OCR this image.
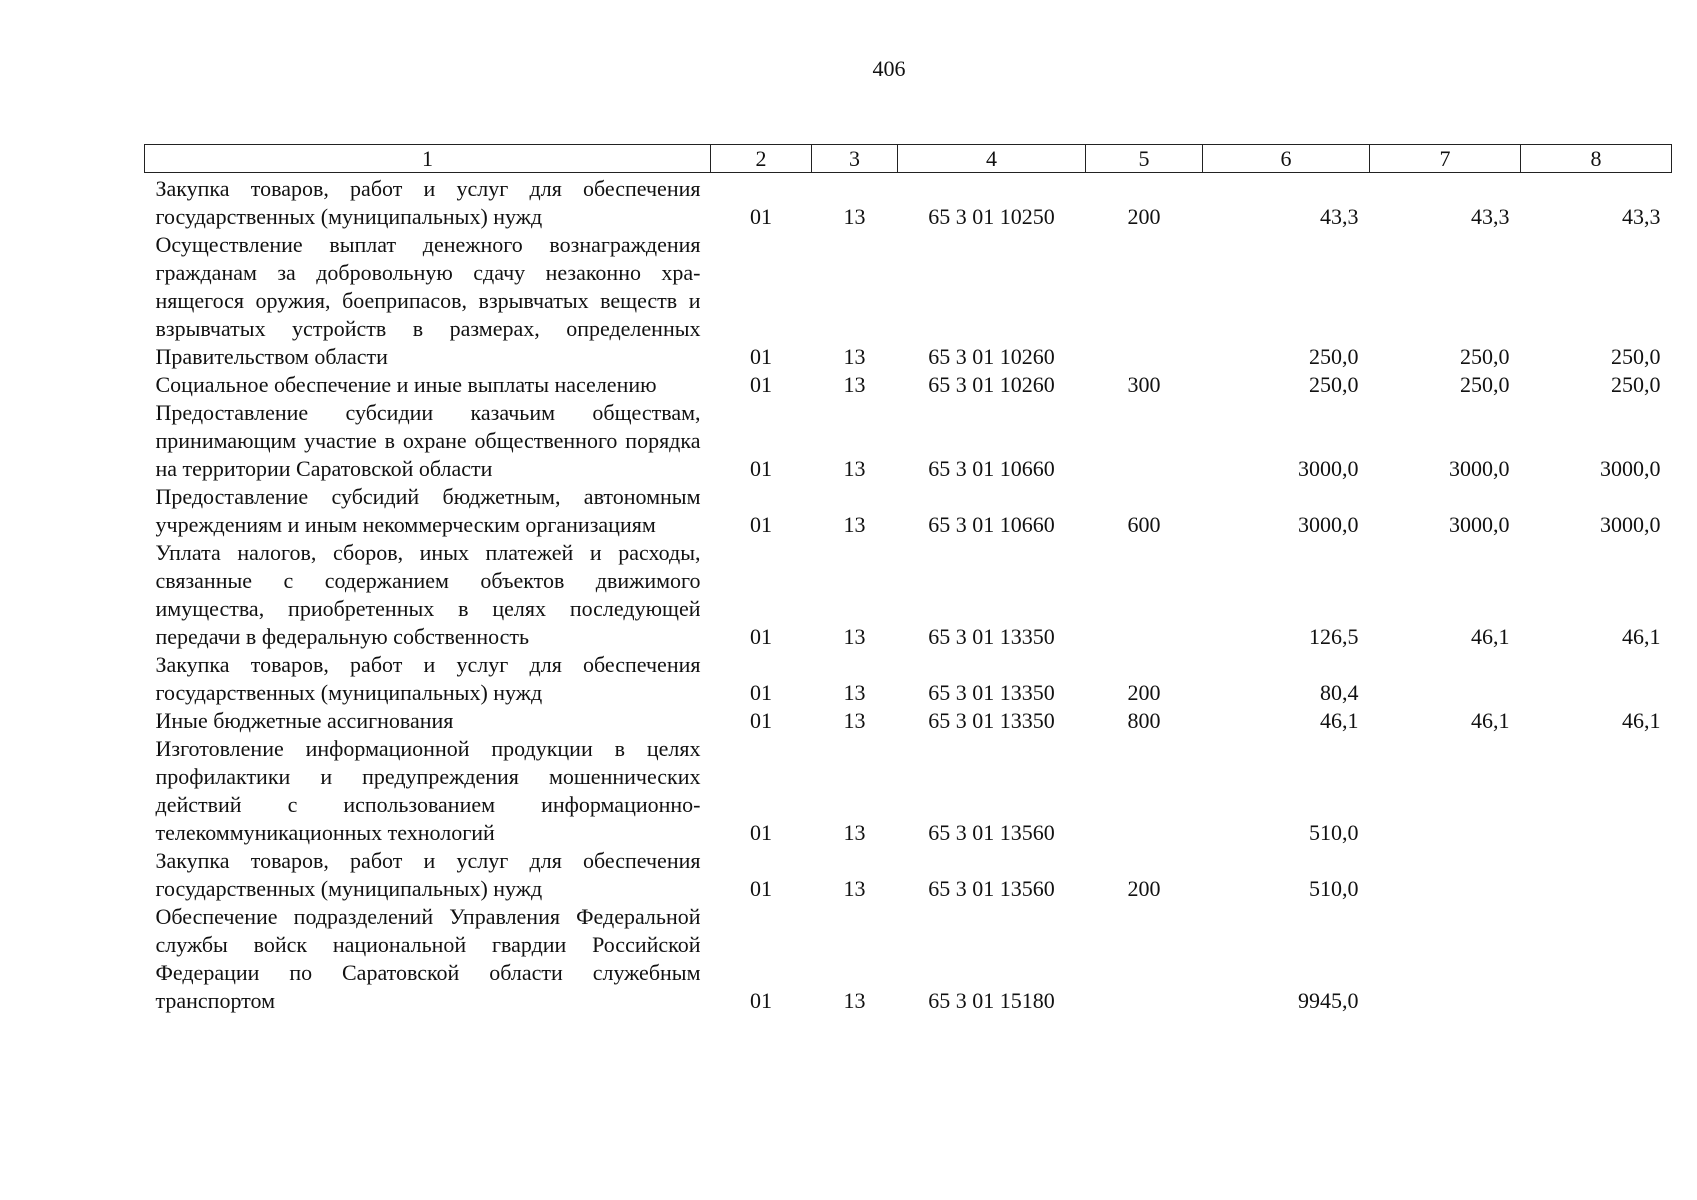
406
1	2	3	4	5	6	7	8
Закупка товаров, работ и услуг для обеспечения государственных (муниципальных) нужд	01	13	65 3 01 10250	200	43,3	43,3	43,3
Осуществление выплат денежного вознаграждения гражданам за добровольную сдачу незаконно хранящегося оружия, боеприпасов, взрывчатых веществ и взрывчатых устройств в размерах, определенных Правительством области	01	13	65 3 01 10260		250,0	250,0	250,0
Социальное обеспечение и иные выплаты населению	01	13	65 3 01 10260	300	250,0	250,0	250,0
Предоставление субсидии казачьим обществам, принимающим участие в охране общественного порядка на территории Саратовской области	01	13	65 3 01 10660		3000,0	3000,0	3000,0
Предоставление субсидий бюджетным, автономным учреждениям и иным некоммерческим организациям	01	13	65 3 01 10660	600	3000,0	3000,0	3000,0
Уплата налогов, сборов, иных платежей и расходы, связанные с содержанием объектов движимого имущества, приобретенных в целях последующей передачи в федеральную собственность	01	13	65 3 01 13350		126,5	46,1	46,1
Закупка товаров, работ и услуг для обеспечения государственных (муниципальных) нужд	01	13	65 3 01 13350	200	80,4		
Иные бюджетные ассигнования	01	13	65 3 01 13350	800	46,1	46,1	46,1
Изготовление информационной продукции в целях профилактики и предупреждения мошеннических действий с использованием информационно-телекоммуникационных технологий	01	13	65 3 01 13560		510,0		
Закупка товаров, работ и услуг для обеспечения государственных (муниципальных) нужд	01	13	65 3 01 13560	200	510,0		
Обеспечение подразделений Управления Федеральной службы войск национальной гвардии Российской Федерации по Саратовской области служебным транспортом	01	13	65 3 01 15180		9945,0		
